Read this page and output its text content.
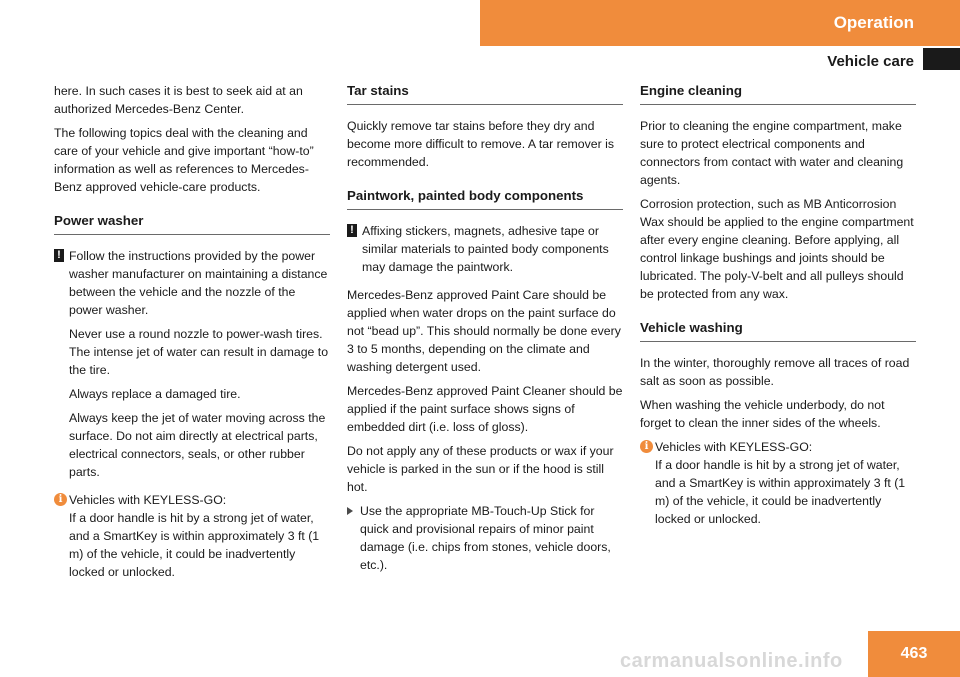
Operation
Vehicle care

here. In such cases it is best to seek aid at an authorized Mercedes-Benz Center.

The following topics deal with the cleaning and care of your vehicle and give important “how-to” information as well as references to Mercedes-Benz approved vehicle-care products.

Power washer
! Follow the instructions provided by the power washer manufacturer on maintaining a distance between the vehicle and the nozzle of the power washer.

Never use a round nozzle to power-wash tires. The intense jet of water can result in damage to the tire.

Always replace a damaged tire.

Always keep the jet of water moving across the surface. Do not aim directly at electrical parts, electrical connectors, seals, or other rubber parts.

i Vehicles with KEYLESS-GO:

If a door handle is hit by a strong jet of water, and a SmartKey is within approximately 3 ft (1 m) of the vehicle, it could be inadvertently locked or unlocked.

Tar stains

Quickly remove tar stains before they dry and become more difficult to remove. A tar remover is recommended.

Paintwork, painted body components
! Affixing stickers, magnets, adhesive tape or similar materials to painted body components may damage the paintwork.

Mercedes-Benz approved Paint Care should be applied when water drops on the paint surface do not “bead up”. This should normally be done every 3 to 5 months, depending on the climate and washing detergent used.

Mercedes-Benz approved Paint Cleaner should be applied if the paint surface shows signs of embedded dirt (i.e. loss of gloss).

Do not apply any of these products or wax if your vehicle is parked in the sun or if the hood is still hot.

Use the appropriate MB-Touch-Up Stick for quick and provisional repairs of minor paint damage (i.e. chips from stones, vehicle doors, etc.).
Engine cleaning

Prior to cleaning the engine compartment, make sure to protect electrical components and connectors from contact with water and cleaning agents.

Corrosion protection, such as MB Anticorrosion Wax should be applied to the engine compartment after every engine cleaning. Before applying, all control linkage bushings and joints should be lubricated. The poly-V-belt and all pulleys should be protected from any wax.

Vehicle washing

In the winter, thoroughly remove all traces of road salt as soon as possible.

When washing the vehicle underbody, do not forget to clean the inner sides of the wheels.

i Vehicles with KEYLESS-GO:

If a door handle is hit by a strong jet of water, and a SmartKey is within approximately 3 ft (1 m) of the vehicle, it could be inadvertently locked or unlocked.

463
carmanualsonline.info
